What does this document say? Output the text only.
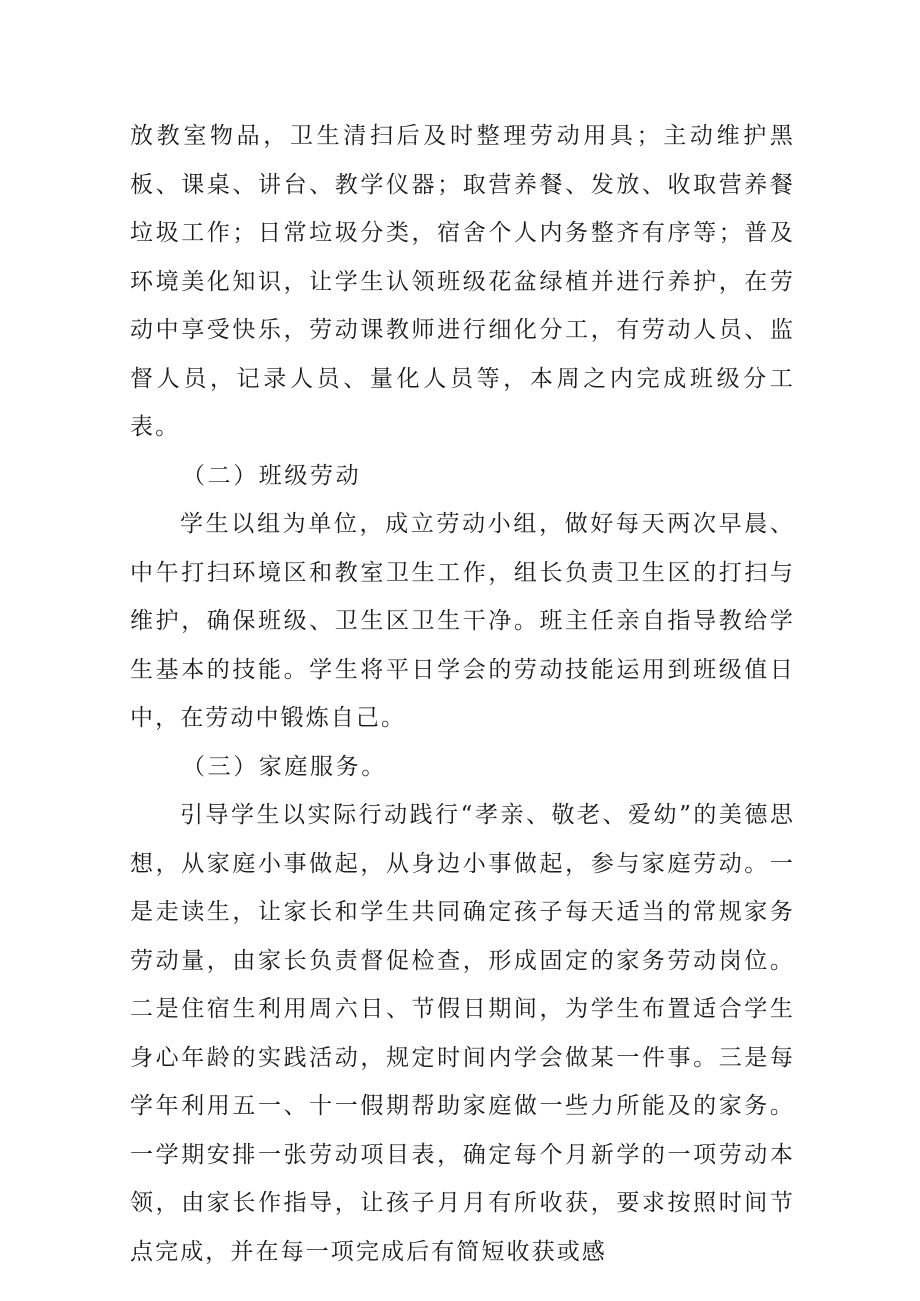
放教室物品，卫生清扫后及时整理劳动用具；主动维护黑板、课桌、讲台、教学仪器；取营养餐、发放、收取营养餐垃圾工作；日常垃圾分类，宿舍个人内务整齐有序等；普及环境美化知识，让学生认领班级花盆绿植并进行养护，在劳动中享受快乐，劳动课教师进行细化分工，有劳动人员、监督人员，记录人员、量化人员等，本周之内完成班级分工表。

（二）班级劳动

学生以组为单位，成立劳动小组，做好每天两次早晨、中午打扫环境区和教室卫生工作，组长负责卫生区的打扫与维护，确保班级、卫生区卫生干净。班主任亲自指导教给学生基本的技能。学生将平日学会的劳动技能运用到班级值日中，在劳动中锻炼自己。

（三）家庭服务。

引导学生以实际行动践行“孝亲、敬老、爱幼”的美德思想，从家庭小事做起，从身边小事做起，参与家庭劳动。一是走读生，让家长和学生共同确定孩子每天适当的常规家务劳动量，由家长负责督促检查，形成固定的家务劳动岗位。二是住宿生利用周六日、节假日期间，为学生布置适合学生身心年龄的实践活动，规定时间内学会做某一件事。三是每学年利用五一、十一假期帮助家庭做一些力所能及的家务。一学期安排一张劳动项目表，确定每个月新学的一项劳动本领，由家长作指导，让孩子月月有所收获，要求按照时间节点完成，并在每一项完成后有简短收获或感
